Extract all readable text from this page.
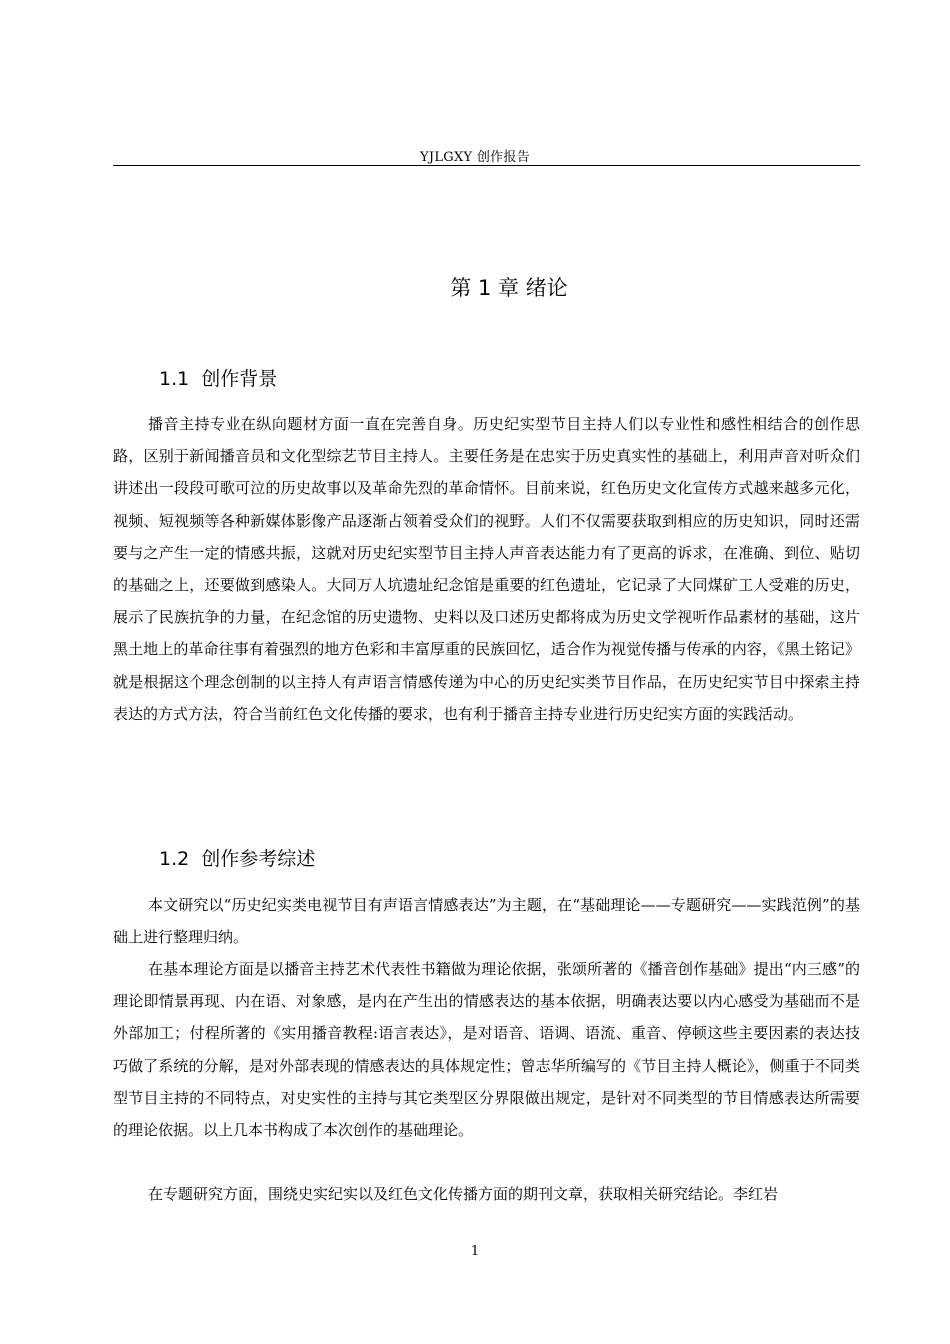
YJLGXY 创作报告
第 1 章 绪论
1.1 创作背景

播音主持专业在纵向题材方面一直在完善自身。历史纪实型节目主持人们以专业性和感性相结合的创作思路，区别于新闻播音员和文化型综艺节目主持人。主要任务是在忠实于历史真实性的基础上，利用声音对听众们讲述出一段段可歌可泣的历史故事以及革命先烈的革命情怀。目前来说，红色历史文化宣传方式越来越多元化，视频、短视频等各种新媒体影像产品逐渐占领着受众们的视野。人们不仅需要获取到相应的历史知识，同时还需要与之产生一定的情感共振，这就对历史纪实型节目主持人声音表达能力有了更高的诉求，在准确、到位、贴切的基础之上，还要做到感染人。大同万人坑遗址纪念馆是重要的红色遗址，它记录了大同煤矿工人受难的历史，展示了民族抗争的力量，在纪念馆的历史遗物、史料以及口述历史都将成为历史文学视听作品素材的基础，这片黑土地上的革命往事有着强烈的地方色彩和丰富厚重的民族回忆，适合作为视觉传播与传承的内容，《黑土铭记》就是根据这个理念创制的以主持人有声语言情感传递为中心的历史纪实类节目作品，在历史纪实节目中探索主持表达的方式方法，符合当前红色文化传播的要求，也有利于播音主持专业进行历史纪实方面的实践活动。

1.2 创作参考综述

本文研究以“历史纪实类电视节目有声语言情感表达”为主题，在“基础理论——专题研究——实践范例”的基础上进行整理归纳。

在基本理论方面是以播音主持艺术代表性书籍做为理论依据，张颂所著的《播音创作基础》提出“内三感”的理论即情景再现、内在语、对象感，是内在产生出的情感表达的基本依据，明确表达要以内心感受为基础而不是外部加工；付程所著的《实用播音教程:语言表达》，是对语音、语调、语流、重音、停顿这些主要因素的表达技巧做了系统的分解，是对外部表现的情感表达的具体规定性；曾志华所编写的《节目主持人概论》，侧重于不同类型节目主持的不同特点，对史实性的主持与其它类型区分界限做出规定，是针对不同类型的节目情感表达所需要的理论依据。以上几本书构成了本次创作的基础理论。

在专题研究方面，围绕史实纪实以及红色文化传播方面的期刊文章，获取相关研究结论。李红岩

1
